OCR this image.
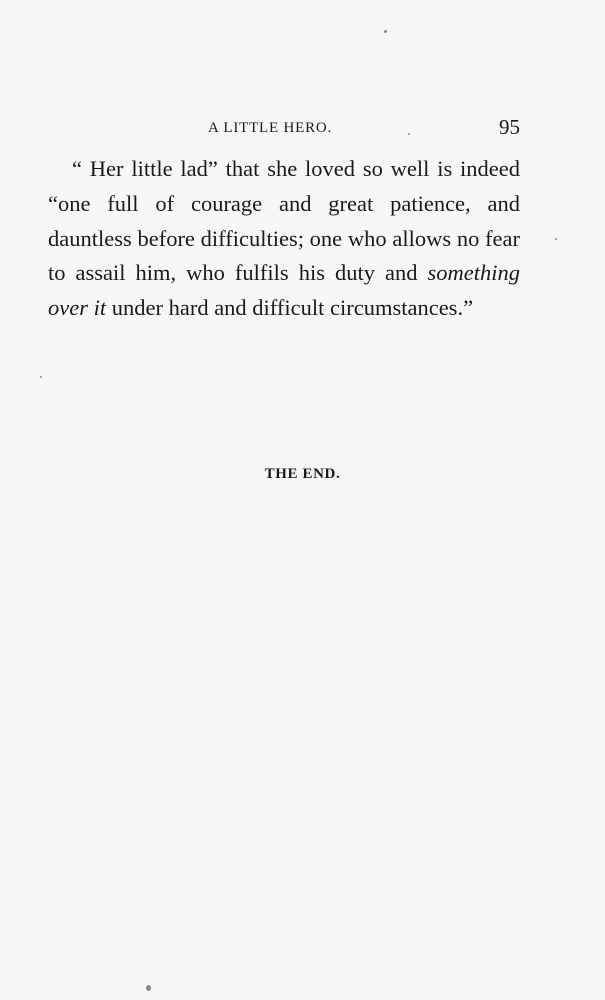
A LITTLE HERO.	95

“ Her little lad” that she loved so well is indeed “one full of courage and great patience, and dauntless before difficulties; one who allows no fear to assail him, who fulfils his duty and something over it under hard and difficult circumstances.”

THE END.
